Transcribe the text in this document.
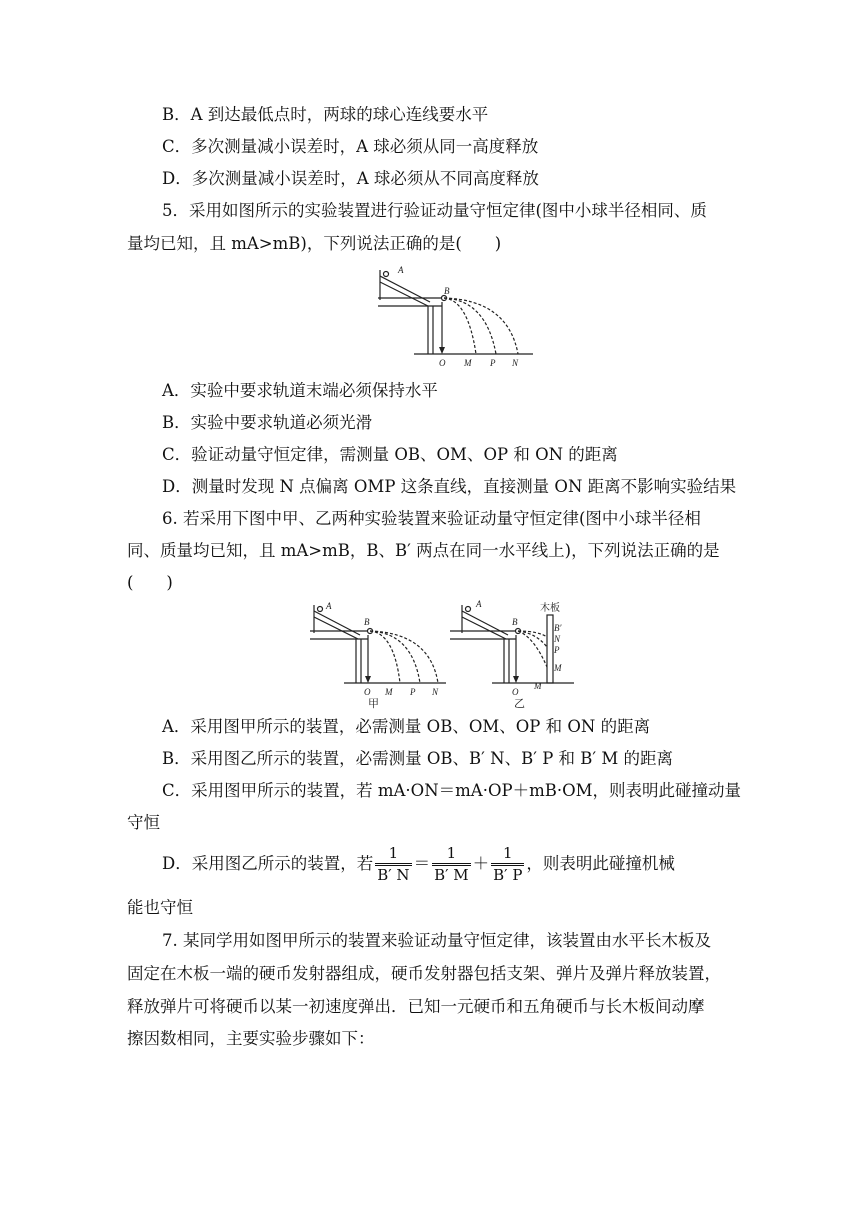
B．A 到达最低点时，两球的球心连线要水平
C．多次测量减小误差时，A 球必须从同一高度释放
D．多次测量减小误差时，A 球必须从不同高度释放
5．采用如图所示的实验装置进行验证动量守恒定律(图中小球半径相同、质
量均已知，且 mA>mB)，下列说法正确的是(　　)
A
B
O M P N
A．实验中要求轨道末端必须保持水平
B．实验中要求轨道必须光滑
C．验证动量守恒定律，需测量 OB、OM、OP 和 ON 的距离
D．测量时发现 N 点偏离 OMP 这条直线，直接测量 ON 距离不影响实验结果
6. 若采用下图中甲、乙两种实验装置来验证动量守恒定律(图中小球半径相
同、质量均已知，且 mA>mB，B、B′ 两点在同一水平线上)，下列说法正确的是
(　　)
A
B
O M P N
甲
A
B
B′
N
P
M
O
M
木板
乙
A．采用图甲所示的装置，必需测量 OB、OM、OP 和 ON 的距离
B．采用图乙所示的装置，必需测量 OB、B′ N、B′ P 和 B′ M 的距离
C．采用图甲所示的装置，若 mA·ON＝mA·OP＋mB·OM，则表明此碰撞动量
守恒
D．采用图乙所示的装置，若 $\frac{1}{B' N} = \frac{1}{B' M} + \frac{1}{B' P}$ ，则表明此碰撞机械
能也守恒
7. 某同学用如图甲所示的装置来验证动量守恒定律，该装置由水平长木板及
固定在木板一端的硬币发射器组成，硬币发射器包括支架、弹片及弹片释放装置，
释放弹片可将硬币以某一初速度弹出．已知一元硬币和五角硬币与长木板间动摩
擦因数相同，主要实验步骤如下：
